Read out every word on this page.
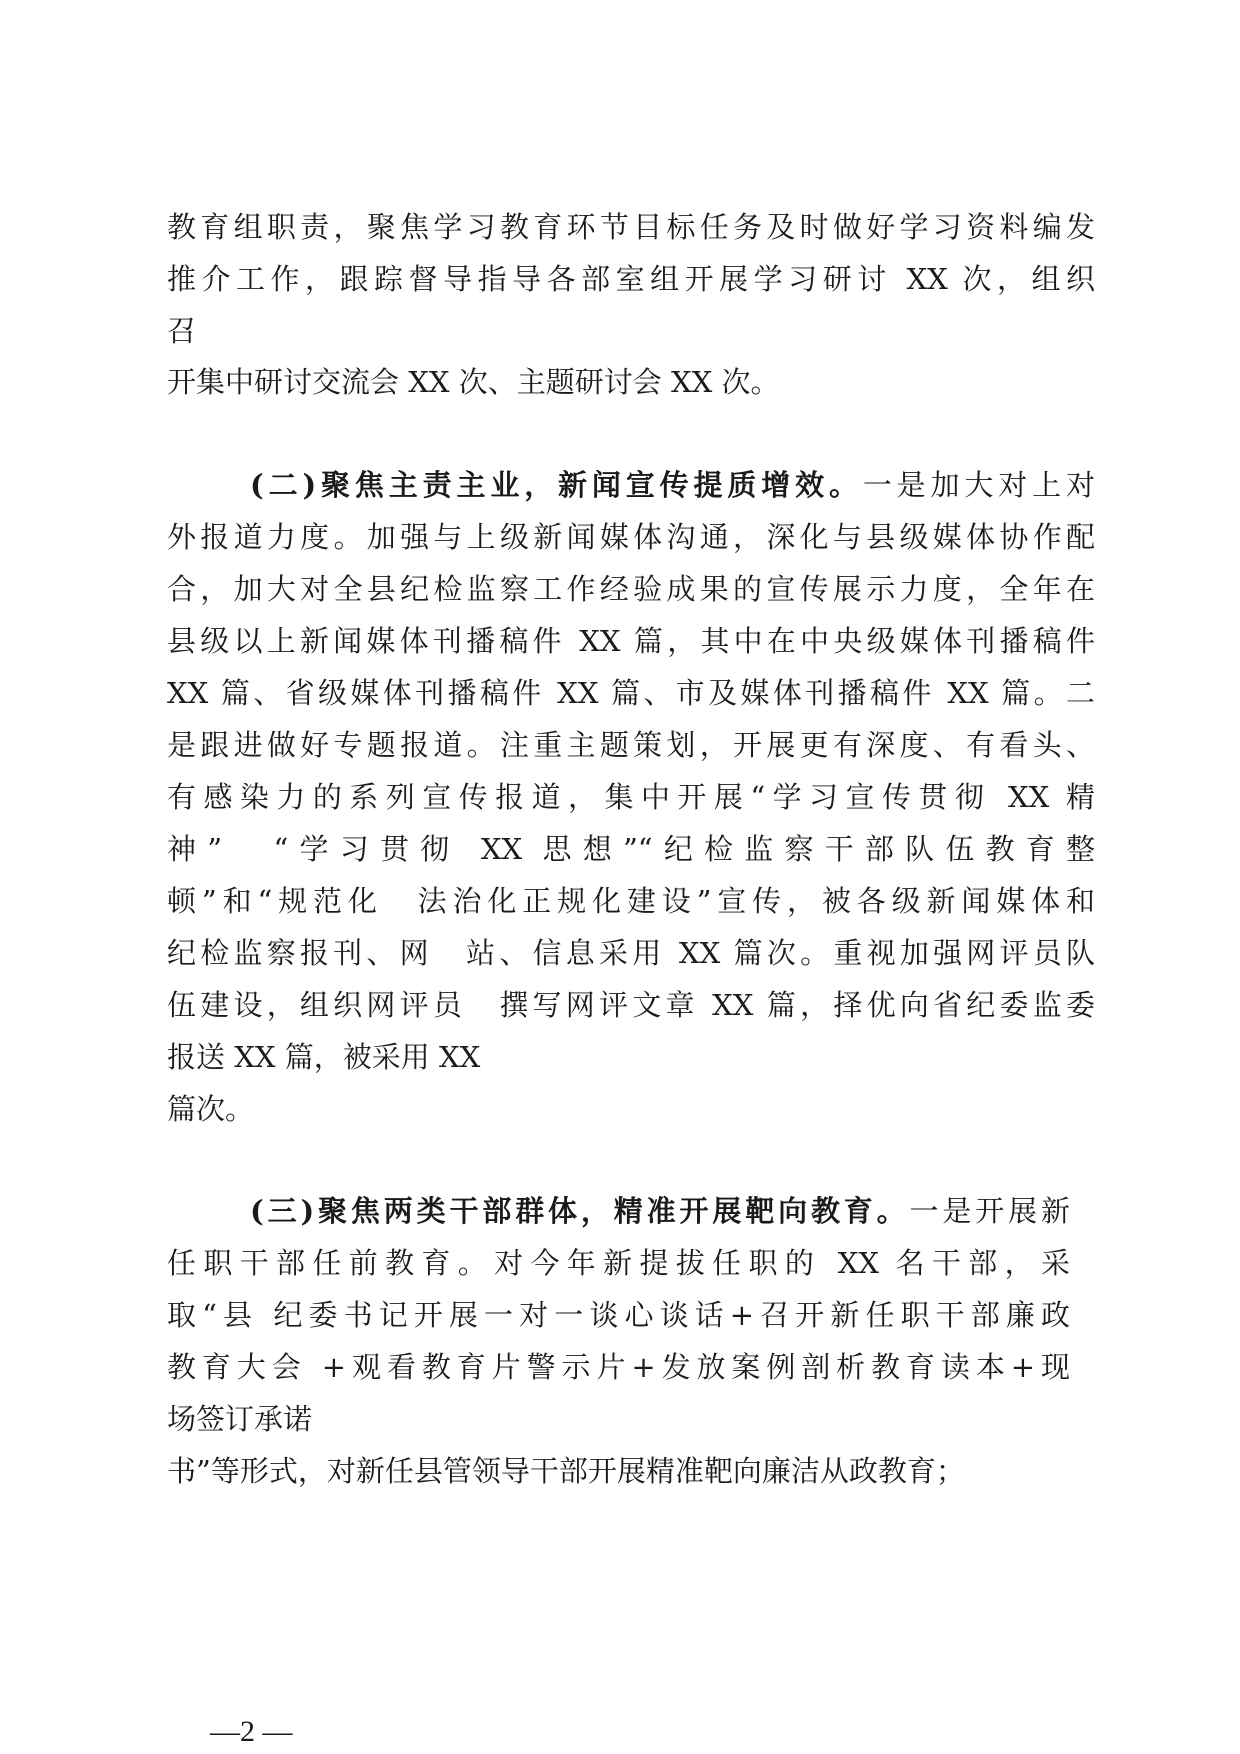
教育组职责，聚焦学习教育环节目标任务及时做好学习资料编发
推介工作，跟踪督导指导各部室组开展学习研讨 XX 次，组织
召
开集中研讨交流会 XX 次、主题研讨会 XX 次。
(二)聚焦主责主业，新闻宣传提质增效。一是加大对上对
外报道力度。加强与上级新闻媒体沟通，深化与县级媒体协作配
合，加大对全县纪检监察工作经验成果的宣传展示力度，全年在
县级以上新闻媒体刊播稿件 XX 篇，其中在中央级媒体刊播稿件
XX 篇、省级媒体刊播稿件 XX 篇、市及媒体刊播稿件 XX 篇。二
是跟进做好专题报道。注重主题策划，开展更有深度、有看头、
有感染力的系列宣传报道，集中开展“学习宣传贯彻 XX 精
神”　“学习贯彻 XX 思想”“纪检监察干部队伍教育整
顿”和“规范化　法治化正规化建设”宣传，被各级新闻媒体和
纪检监察报刊、网　站、信息采用 XX 篇次。重视加强网评员队
伍建设，组织网评员　撰写网评文章 XX 篇，择优向省纪委监委
报送 XX 篇，被采用 XX
篇次。
(三)聚焦两类干部群体，精准开展靶向教育。一是开展新
任职干部任前教育。对今年新提拔任职的 XX 名干部，采
取“县 纪委书记开展一对一谈心谈话+召开新任职干部廉政
教育大会 +观看教育片警示片+发放案例剖析教育读本+现
场签订承诺
书”等形式，对新任县管领导干部开展精准靶向廉洁从政教育；
—2 —
